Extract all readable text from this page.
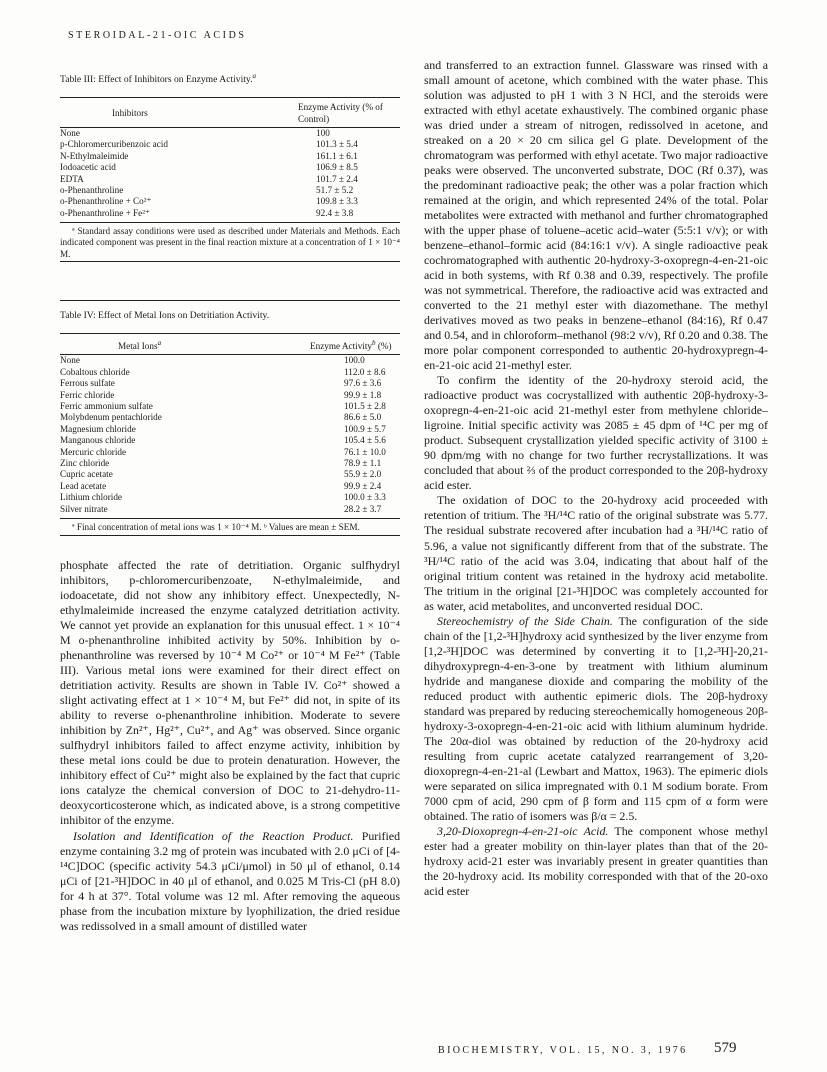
STEROIDAL-21-OIC ACIDS
Table III: Effect of Inhibitors on Enzyme Activity.$^a$
Inhibitors	Enzyme Activity (% of Control)
None	100
p-Chloromercuribenzoic acid	101.3 ± 5.4
N-Ethylmaleimide	161.1 ± 6.1
Iodoacetic acid	106.9 ± 8.5
EDTA	101.7 ± 2.4
o-Phenanthroline	51.7 ± 5.2
o-Phenanthroline + Co²⁺	109.8 ± 3.3
o-Phenanthroline + Fe²⁺	92.4 ± 3.8
ª Standard assay conditions were used as described under Materials and Methods. Each indicated component was present in the final reaction mixture at a concentration of 1 × 10⁻⁴ M.
Table IV: Effect of Metal Ions on Detritiation Activity.
Metal Ions$^a$	Enzyme Activity$^b$ (%)
None	100.0
Cobaltous chloride	112.0 ± 8.6
Ferrous sulfate	97.6 ± 3.6
Ferric chloride	99.9 ± 1.8
Ferric ammonium sulfate	101.5 ± 2.8
Molybdenum pentachloride	86.6 ± 5.0
Magnesium chloride	100.9 ± 5.7
Manganous chloride	105.4 ± 5.6
Mercuric chloride	76.1 ± 10.0
Zinc chloride	78.9 ± 1.1
Cupric acetate	55.9 ± 2.0
Lead acetate	99.9 ± 2.4
Lithium chloride	100.0 ± 3.3
Silver nitrate	28.2 ± 3.7
ª Final concentration of metal ions was 1 × 10⁻⁴ M. ᵇ Values are mean ± SEM.

phosphate affected the rate of detritiation. Organic sulfhydryl inhibitors, p-chloromercuribenzoate, N-ethylmaleimide, and iodoacetate, did not show any inhibitory effect. Unexpectedly, N-ethylmaleimide increased the enzyme catalyzed detritiation activity. We cannot yet provide an explanation for this unusual effect. 1 × 10⁻⁴ M o-phenanthroline inhibited activity by 50%. Inhibition by o-phenanthroline was reversed by 10⁻⁴ M Co²⁺ or 10⁻⁴ M Fe²⁺ (Table III). Various metal ions were examined for their direct effect on detritiation activity. Results are shown in Table IV. Co²⁺ showed a slight activating effect at 1 × 10⁻⁴ M, but Fe²⁺ did not, in spite of its ability to reverse o-phenanthroline inhibition. Moderate to severe inhibition by Zn²⁺, Hg²⁺, Cu²⁺, and Ag⁺ was observed. Since organic sulfhydryl inhibitors failed to affect enzyme activity, inhibition by these metal ions could be due to protein denaturation. However, the inhibitory effect of Cu²⁺ might also be explained by the fact that cupric ions catalyze the chemical conversion of DOC to 21-dehydro-11-deoxycorticosterone which, as indicated above, is a strong competitive inhibitor of the enzyme.

Isolation and Identification of the Reaction Product. Purified enzyme containing 3.2 mg of protein was incubated with 2.0 μCi of [4-¹⁴C]DOC (specific activity 54.3 μCi/μmol) in 50 μl of ethanol, 0.14 μCi of [21-³H]DOC in 40 μl of ethanol, and 0.025 M Tris-Cl (pH 8.0) for 4 h at 37°. Total volume was 12 ml. After removing the aqueous phase from the incubation mixture by lyophilization, the dried residue was redissolved in a small amount of distilled water

and transferred to an extraction funnel. Glassware was rinsed with a small amount of acetone, which combined with the water phase. This solution was adjusted to pH 1 with 3 N HCl, and the steroids were extracted with ethyl acetate exhaustively. The combined organic phase was dried under a stream of nitrogen, redissolved in acetone, and streaked on a 20 × 20 cm silica gel G plate. Development of the chromatogram was performed with ethyl acetate. Two major radioactive peaks were observed. The unconverted substrate, DOC (Rf 0.37), was the predominant radioactive peak; the other was a polar fraction which remained at the origin, and which represented 24% of the total. Polar metabolites were extracted with methanol and further chromatographed with the upper phase of toluene–acetic acid–water (5:5:1 v/v); or with benzene–ethanol–formic acid (84:16:1 v/v). A single radioactive peak cochromatographed with authentic 20-hydroxy-3-oxopregn-4-en-21-oic acid in both systems, with Rf 0.38 and 0.39, respectively. The profile was not symmetrical. Therefore, the radioactive acid was extracted and converted to the 21 methyl ester with diazomethane. The methyl derivatives moved as two peaks in benzene–ethanol (84:16), Rf 0.47 and 0.54, and in chloroform–methanol (98:2 v/v), Rf 0.20 and 0.38. The more polar component corresponded to authentic 20-hydroxypregn-4-en-21-oic acid 21-methyl ester.

To confirm the identity of the 20-hydroxy steroid acid, the radioactive product was cocrystallized with authentic 20β-hydroxy-3-oxopregn-4-en-21-oic acid 21-methyl ester from methylene chloride–ligroine. Initial specific activity was 2085 ± 45 dpm of ¹⁴C per mg of product. Subsequent crystallization yielded specific activity of 3100 ± 90 dpm/mg with no change for two further recrystallizations. It was concluded that about ⅔ of the product corresponded to the 20β-hydroxy acid ester.

The oxidation of DOC to the 20-hydroxy acid proceeded with retention of tritium. The ³H/¹⁴C ratio of the original substrate was 5.77. The residual substrate recovered after incubation had a ³H/¹⁴C ratio of 5.96, a value not significantly different from that of the substrate. The ³H/¹⁴C ratio of the acid was 3.04, indicating that about half of the original tritium content was retained in the hydroxy acid metabolite. The tritium in the original [21-³H]DOC was completely accounted for as water, acid metabolites, and unconverted residual DOC.

Stereochemistry of the Side Chain. The configuration of the side chain of the [1,2-³H]hydroxy acid synthesized by the liver enzyme from [1,2-³H]DOC was determined by converting it to [1,2-³H]-20,21-dihydroxypregn-4-en-3-one by treatment with lithium aluminum hydride and manganese dioxide and comparing the mobility of the reduced product with authentic epimeric diols. The 20β-hydroxy standard was prepared by reducing stereochemically homogeneous 20β-hydroxy-3-oxopregn-4-en-21-oic acid with lithium aluminum hydride. The 20α-diol was obtained by reduction of the 20-hydroxy acid resulting from cupric acetate catalyzed rearrangement of 3,20-dioxopregn-4-en-21-al (Lewbart and Mattox, 1963). The epimeric diols were separated on silica impregnated with 0.1 M sodium borate. From 7000 cpm of acid, 290 cpm of β form and 115 cpm of α form were obtained. The ratio of isomers was β/α = 2.5.

3,20-Dioxopregn-4-en-21-oic Acid. The component whose methyl ester had a greater mobility on thin-layer plates than that of the 20-hydroxy acid-21 ester was invariably present in greater quantities than the 20-hydroxy acid. Its mobility corresponded with that of the 20-oxo acid ester

BIOCHEMISTRY, VOL. 15, NO. 3, 1976	579
